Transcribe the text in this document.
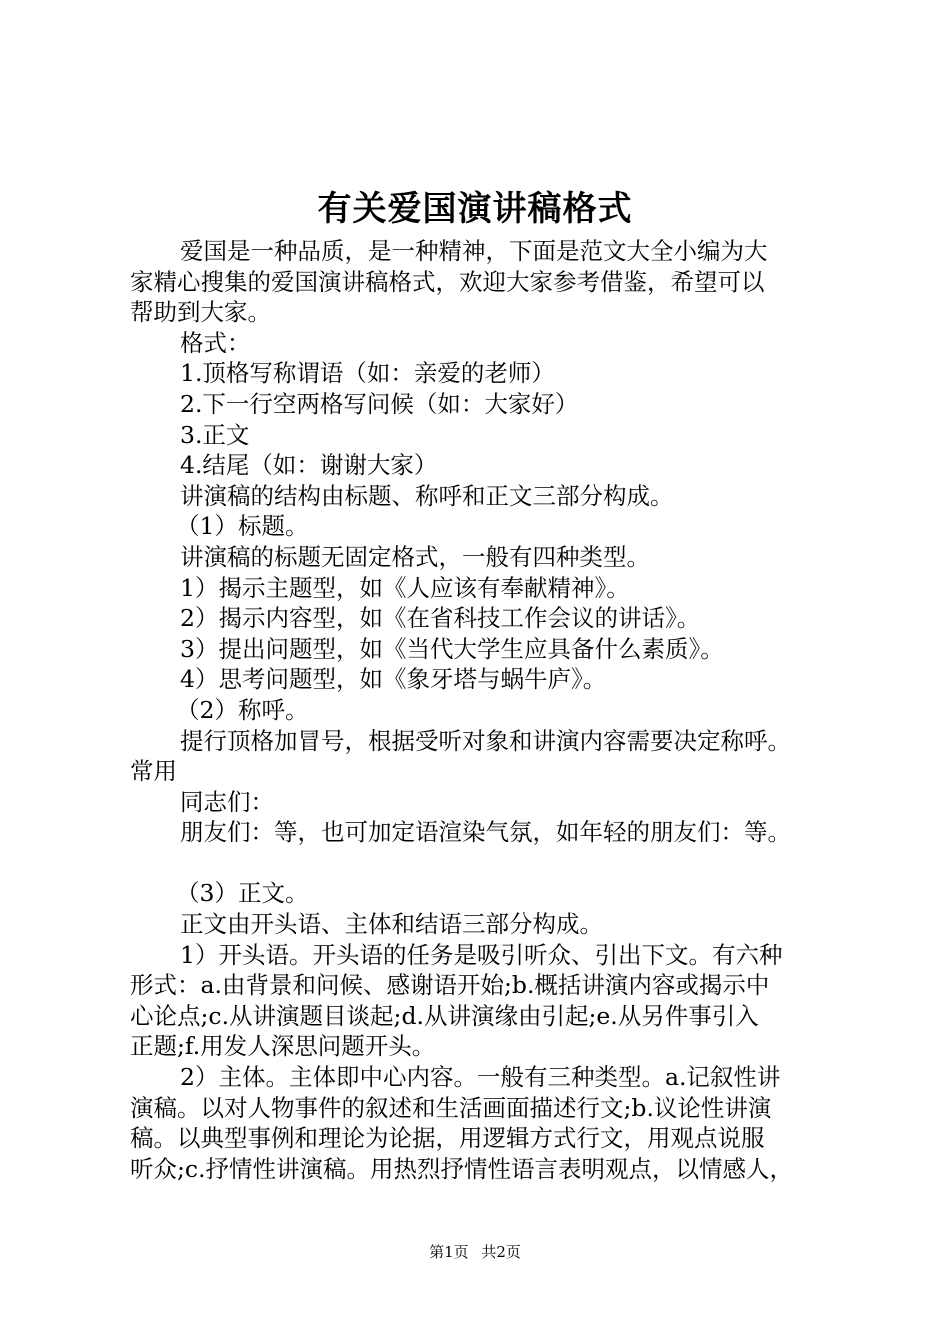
有关爱国演讲稿格式

爱国是一种品质，是一种精神，下面是范文大全小编为大

家精心搜集的爱国演讲稿格式，欢迎大家参考借鉴，希望可以

帮助到大家。

格式：

1.顶格写称谓语（如：亲爱的老师）

2.下一行空两格写问候（如：大家好）

3.正文

4.结尾（如：谢谢大家）

讲演稿的结构由标题、称呼和正文三部分构成。

（1）标题。

讲演稿的标题无固定格式，一般有四种类型。

1）揭示主题型，如《人应该有奉献精神》。

2）揭示内容型，如《在省科技工作会议的讲话》。

3）提出问题型，如《当代大学生应具备什么素质》。

4）思考问题型，如《象牙塔与蜗牛庐》。

（2）称呼。

提行顶格加冒号，根据受听对象和讲演内容需要决定称呼。

常用

同志们：

朋友们：等，也可加定语渲染气氛，如年轻的朋友们：等。

（3）正文。

正文由开头语、主体和结语三部分构成。

1）开头语。开头语的任务是吸引听众、引出下文。有六种

形式：a.由背景和问候、感谢语开始;b.概括讲演内容或揭示中

心论点;c.从讲演题目谈起;d.从讲演缘由引起;e.从另件事引入

正题;f.用发人深思问题开头。

2）主体。主体即中心内容。一般有三种类型。a.记叙性讲

演稿。以对人物事件的叙述和生活画面描述行文;b.议论性讲演

稿。以典型事例和理论为论据，用逻辑方式行文，用观点说服

听众;c.抒情性讲演稿。用热烈抒情性语言表明观点，以情感人，

第1页 共2页
